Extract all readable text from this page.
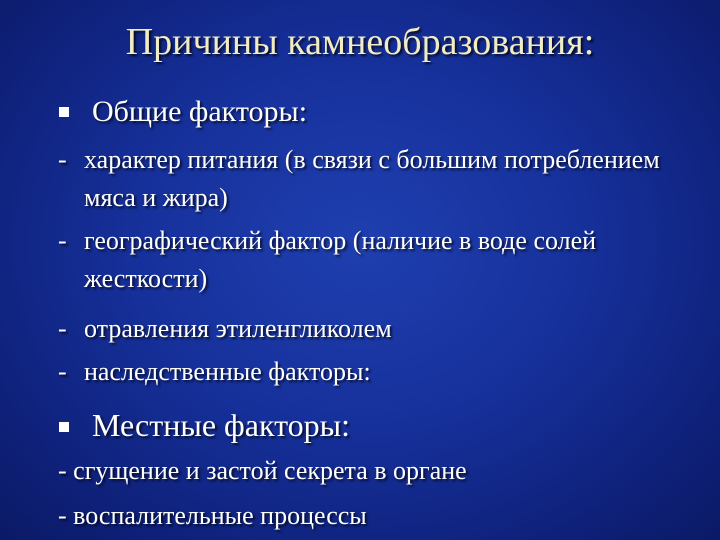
Причины камнеобразования:
Общие факторы:
- характер питания (в связи с большим потреблением мяса и жира)
- географический фактор (наличие в воде солей жесткости)
- отравления этиленгликолем
- наследственные факторы:
Местные факторы:
- сгущение и застой секрета в органе
- воспалительные процессы
